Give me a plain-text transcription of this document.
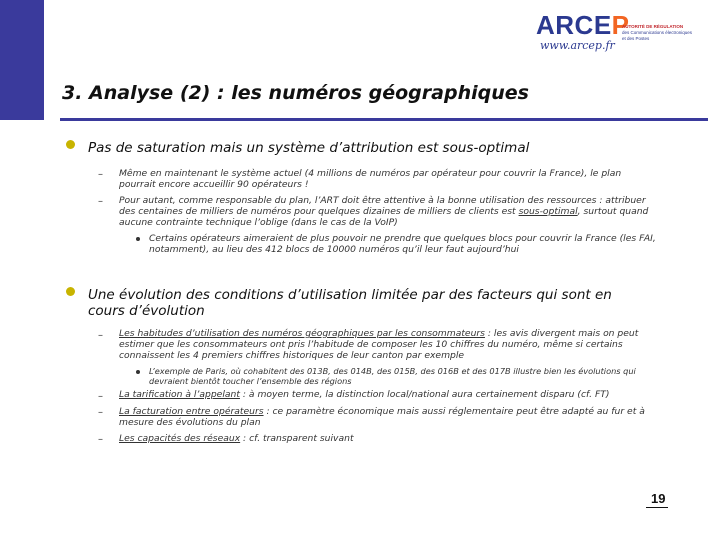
ARCEP
www.arcep.fr
AUTORITÉ DE RÉGULATION
des Communications électroniques
et des Postes
3. Analyse (2) : les numéros géographiques
Pas de saturation mais un système d’attribution est sous-optimal
– Même en maintenant le système actuel (4 millions de numéros par opérateur pour couvrir la France), le plan pourrait encore accueillir 90 opérateurs !
– Pour autant, comme responsable du plan, l’ART doit être attentive à la bonne utilisation des ressources : attribuer des centaines de milliers de numéros pour quelques dizaines de milliers de clients est sous-optimal, surtout quand aucune contrainte technique l’oblige (dans le cas de la VoIP)
Certains opérateurs aimeraient de plus pouvoir ne prendre que quelques blocs pour couvrir la France (les FAI, notamment), au lieu des 412 blocs de 10000 numéros qu’il leur faut aujourd’hui
Une évolution des conditions d’utilisation limitée par des facteurs qui sont en cours d’évolution
– Les habitudes d’utilisation des numéros géographiques par les consommateurs : les avis divergent mais on peut estimer que les consommateurs ont pris l’habitude de composer les 10 chiffres du numéro, même si certains connaissent les 4 premiers chiffres historiques de leur canton par exemple
L’exemple de Paris, où cohabitent des 013B, des 014B, des 015B, des 016B et des 017B illustre bien les évolutions qui devraient bientôt toucher l’ensemble des régions
– La tarification à l’appelant : à moyen terme, la distinction local/national aura certainement disparu (cf. FT)
– La facturation entre opérateurs : ce paramètre économique mais aussi réglementaire peut être adapté au fur et à mesure des évolutions du plan
– Les capacités des réseaux : cf. transparent suivant
19
